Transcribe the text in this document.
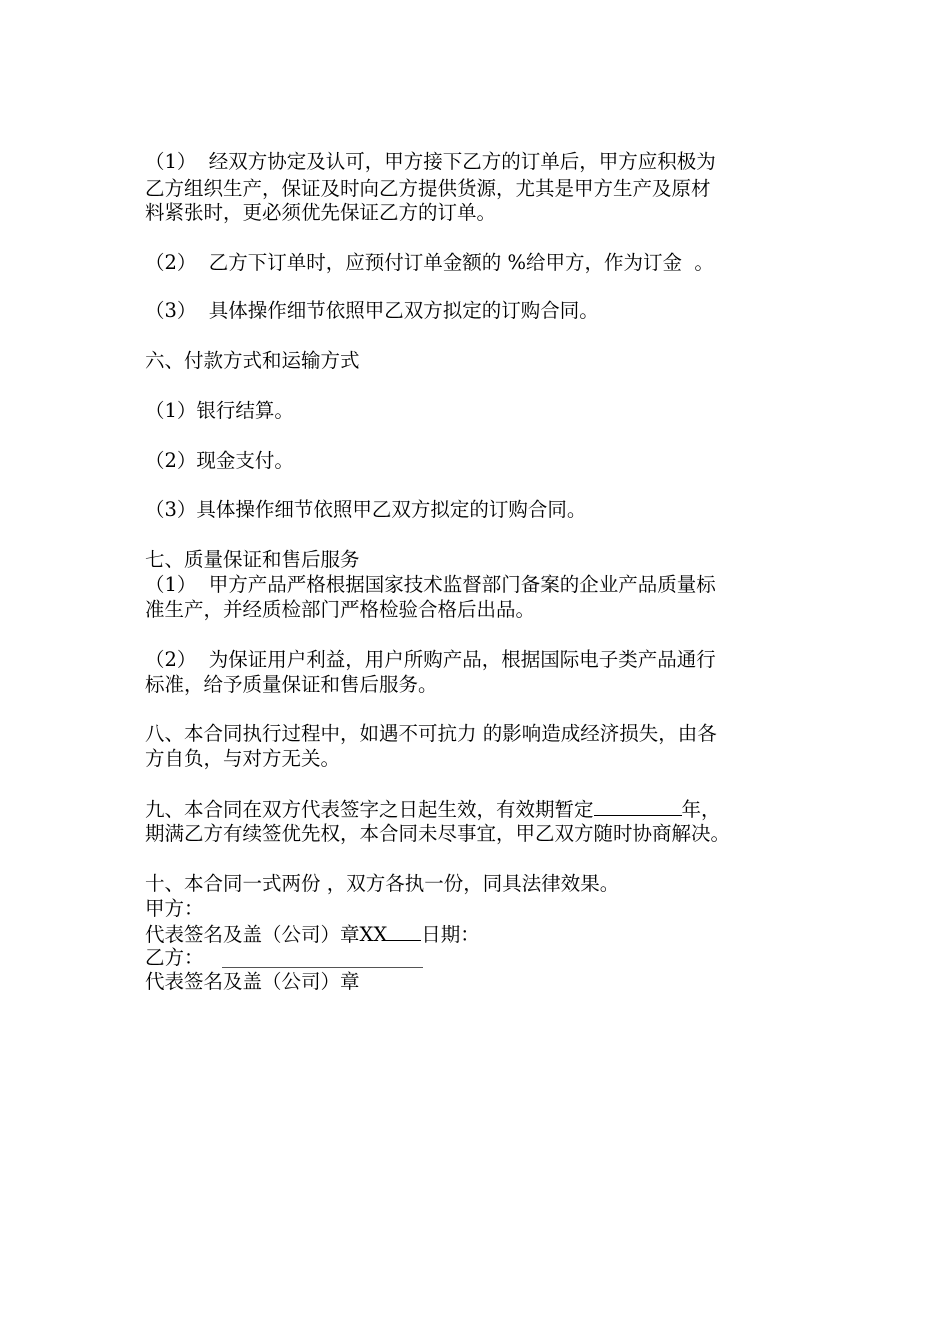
（1）  经双方协定及认可，甲方接下乙方的订单后，甲方应积极为
乙方组织生产，保证及时向乙方提供货源，尤其是甲方生产及原材
料紧张时，更必须优先保证乙方的订单。
（2）  乙方下订单时，应预付订单金额的 %给甲方，作为订金  。
（3）  具体操作细节依照甲乙双方拟定的订购合同。
六、付款方式和运输方式
（1）银行结算。
（2）现金支付。
（3）具体操作细节依照甲乙双方拟定的订购合同。
七、质量保证和售后服务
（1）  甲方产品严格根据国家技术监督部门备案的企业产品质量标
准生产，并经质检部门严格检验合格后出品。
（2）  为保证用户利益，用户所购产品，根据国际电子类产品通行
标准，给予质量保证和售后服务。
八、本合同执行过程中，如遇不可抗力 的影响造成经济损失，由各
方自负，与对方无关。
九、本合同在双方代表签字之日起生效，有效期暂定	年，
期满乙方有续签优先权，本合同未尽事宜，甲乙双方随时协商解决。
十、本合同一式两份 ，双方各执一份，同具法律效果。
甲方：
代表签名及盖（公司）章XX 日期：
乙方：
代表签名及盖（公司）章
